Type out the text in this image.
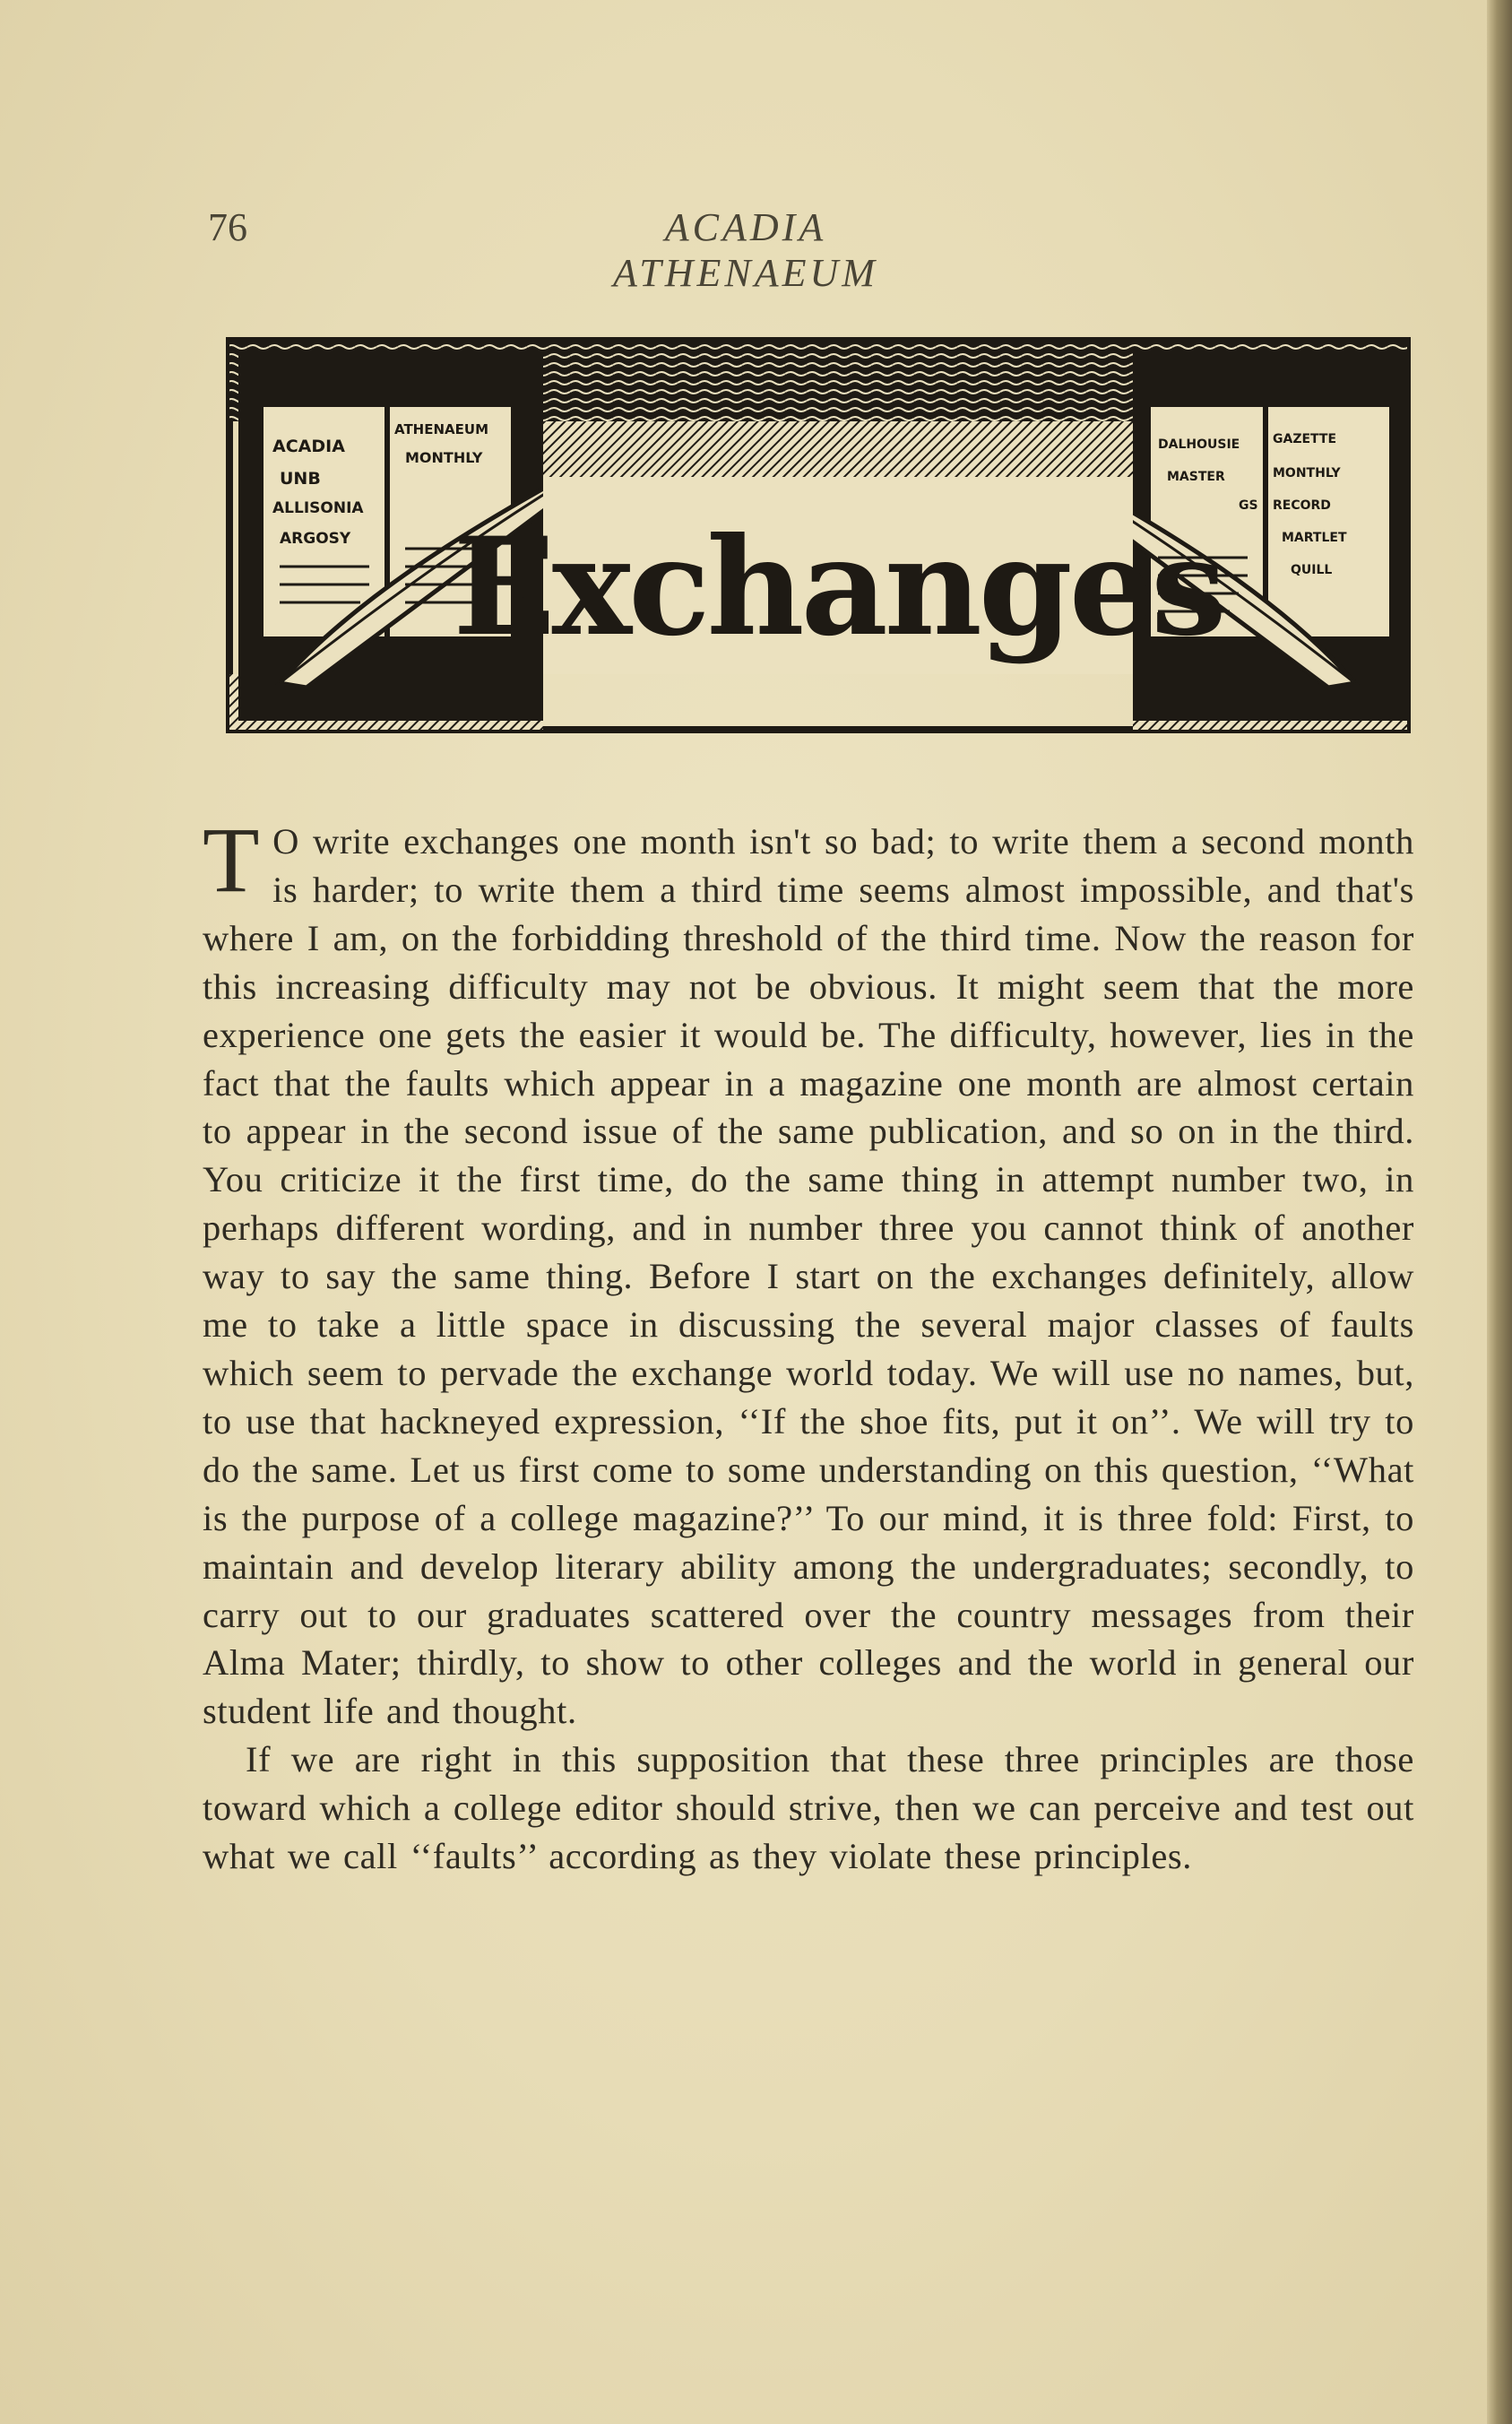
76	ACADIA ATHENAEUM
ACADIA
ATHENAEUM
UNB
MONTHLY
ALLISONIA
ARGOSY
DALHOUSIE	GAZETTE
MASTER	MONTHLY
GS RECORD
MARTLET
QUILL
Exchanges

T O write exchanges one month isn't so bad; to write them a second month is harder; to write them a third time seems almost impossible, and that's where I am, on the forbidding threshold of the third time. Now the reason for this increasing difficulty may not be obvious. It might seem that the more experience one gets the easier it would be. The difficulty, however, lies in the fact that the faults which appear in a magazine one month are almost certain to appear in the second issue of the same publication, and so on in the third. You criticize it the first time, do the same thing in attempt number two, in perhaps different wording, and in number three you cannot think of another way to say the same thing. Before I start on the exchanges definitely, allow me to take a little space in discussing the several major classes of faults which seem to pervade the exchange world today. We will use no names, but, to use that hackneyed expression, ‘‘If the shoe fits, put it on’’. We will try to do the same. Let us first come to some understanding on this question, ‘‘What is the purpose of a college magazine?’’ To our mind, it is three fold: First, to maintain and develop literary ability among the undergraduates; secondly, to carry out to our graduates scattered over the country messages from their Alma Mater; thirdly, to show to other colleges and the world in general our student life and thought.

If we are right in this supposition that these three principles are those toward which a college editor should strive, then we can perceive and test out what we call ‘‘faults’’ according as they violate these principles.
